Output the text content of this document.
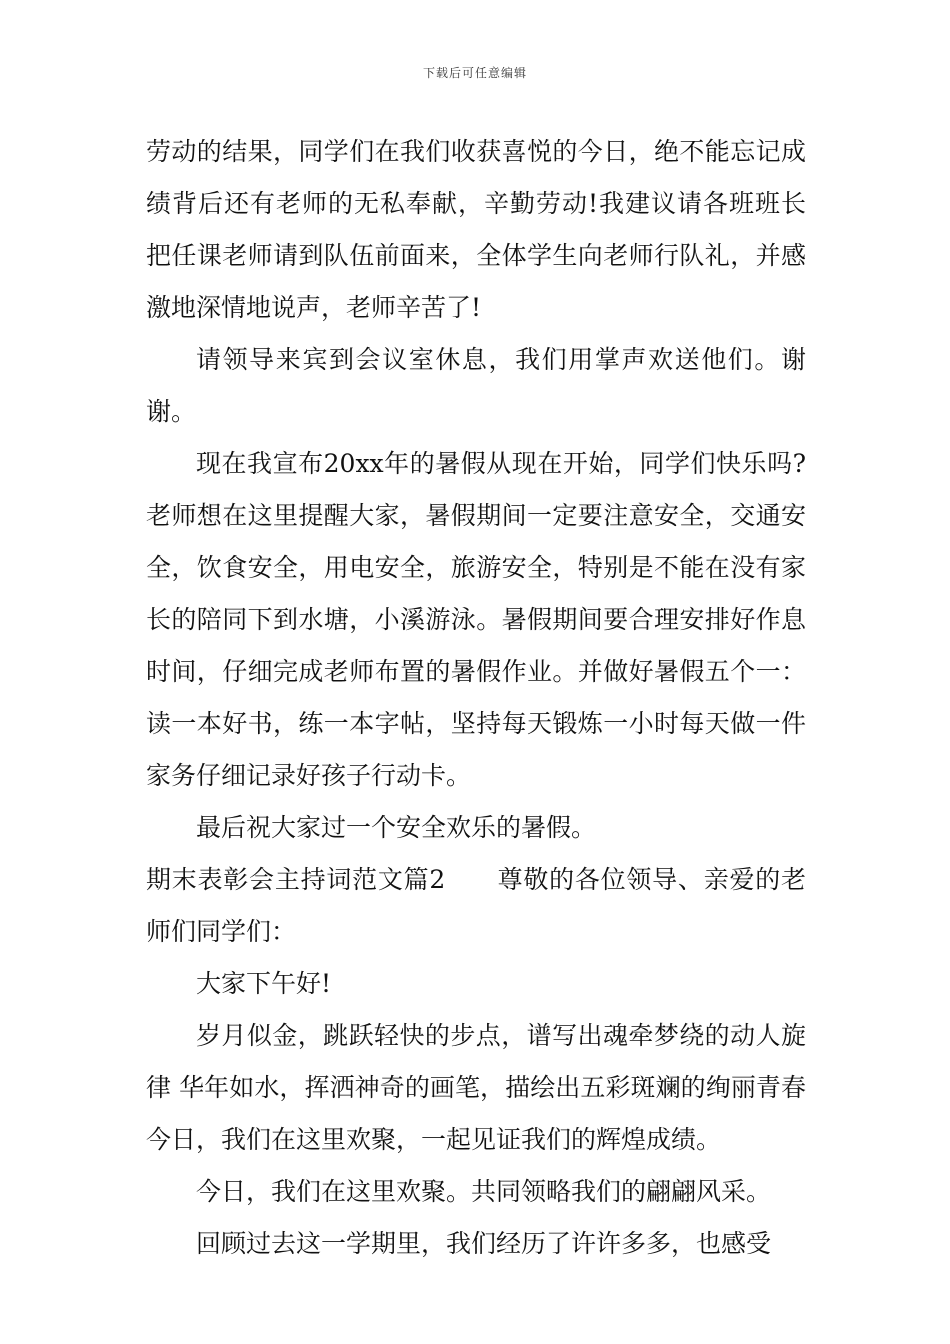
下载后可任意编辑

劳动的结果，同学们在我们收获喜悦的今日，绝不能忘记成绩背后还有老师的无私奉献，辛勤劳动!我建议请各班班长把任课老师请到队伍前面来，全体学生向老师行队礼，并感激地深情地说声，老师辛苦了!

请领导来宾到会议室休息，我们用掌声欢送他们。谢谢。

现在我宣布20xx年的暑假从现在开始，同学们快乐吗?老师想在这里提醒大家，暑假期间一定要注意安全，交通安全，饮食安全，用电安全，旅游安全，特别是不能在没有家长的陪同下到水塘，小溪游泳。暑假期间要合理安排好作息时间，仔细完成老师布置的暑假作业。并做好暑假五个一：读一本好书，练一本字帖，坚持每天锻炼一小时每天做一件家务仔细记录好孩子行动卡。

最后祝大家过一个安全欢乐的暑假。

期末表彰会主持词范文篇2　　尊敬的各位领导、亲爱的老师们同学们：

大家下午好!

岁月似金，跳跃轻快的步点，谱写出魂牵梦绕的动人旋律 华年如水，挥洒神奇的画笔，描绘出五彩斑斓的绚丽青春 今日，我们在这里欢聚，一起见证我们的辉煌成绩。

今日，我们在这里欢聚。共同领略我们的翩翩风采。

回顾过去这一学期里，我们经历了许许多多，也感受
